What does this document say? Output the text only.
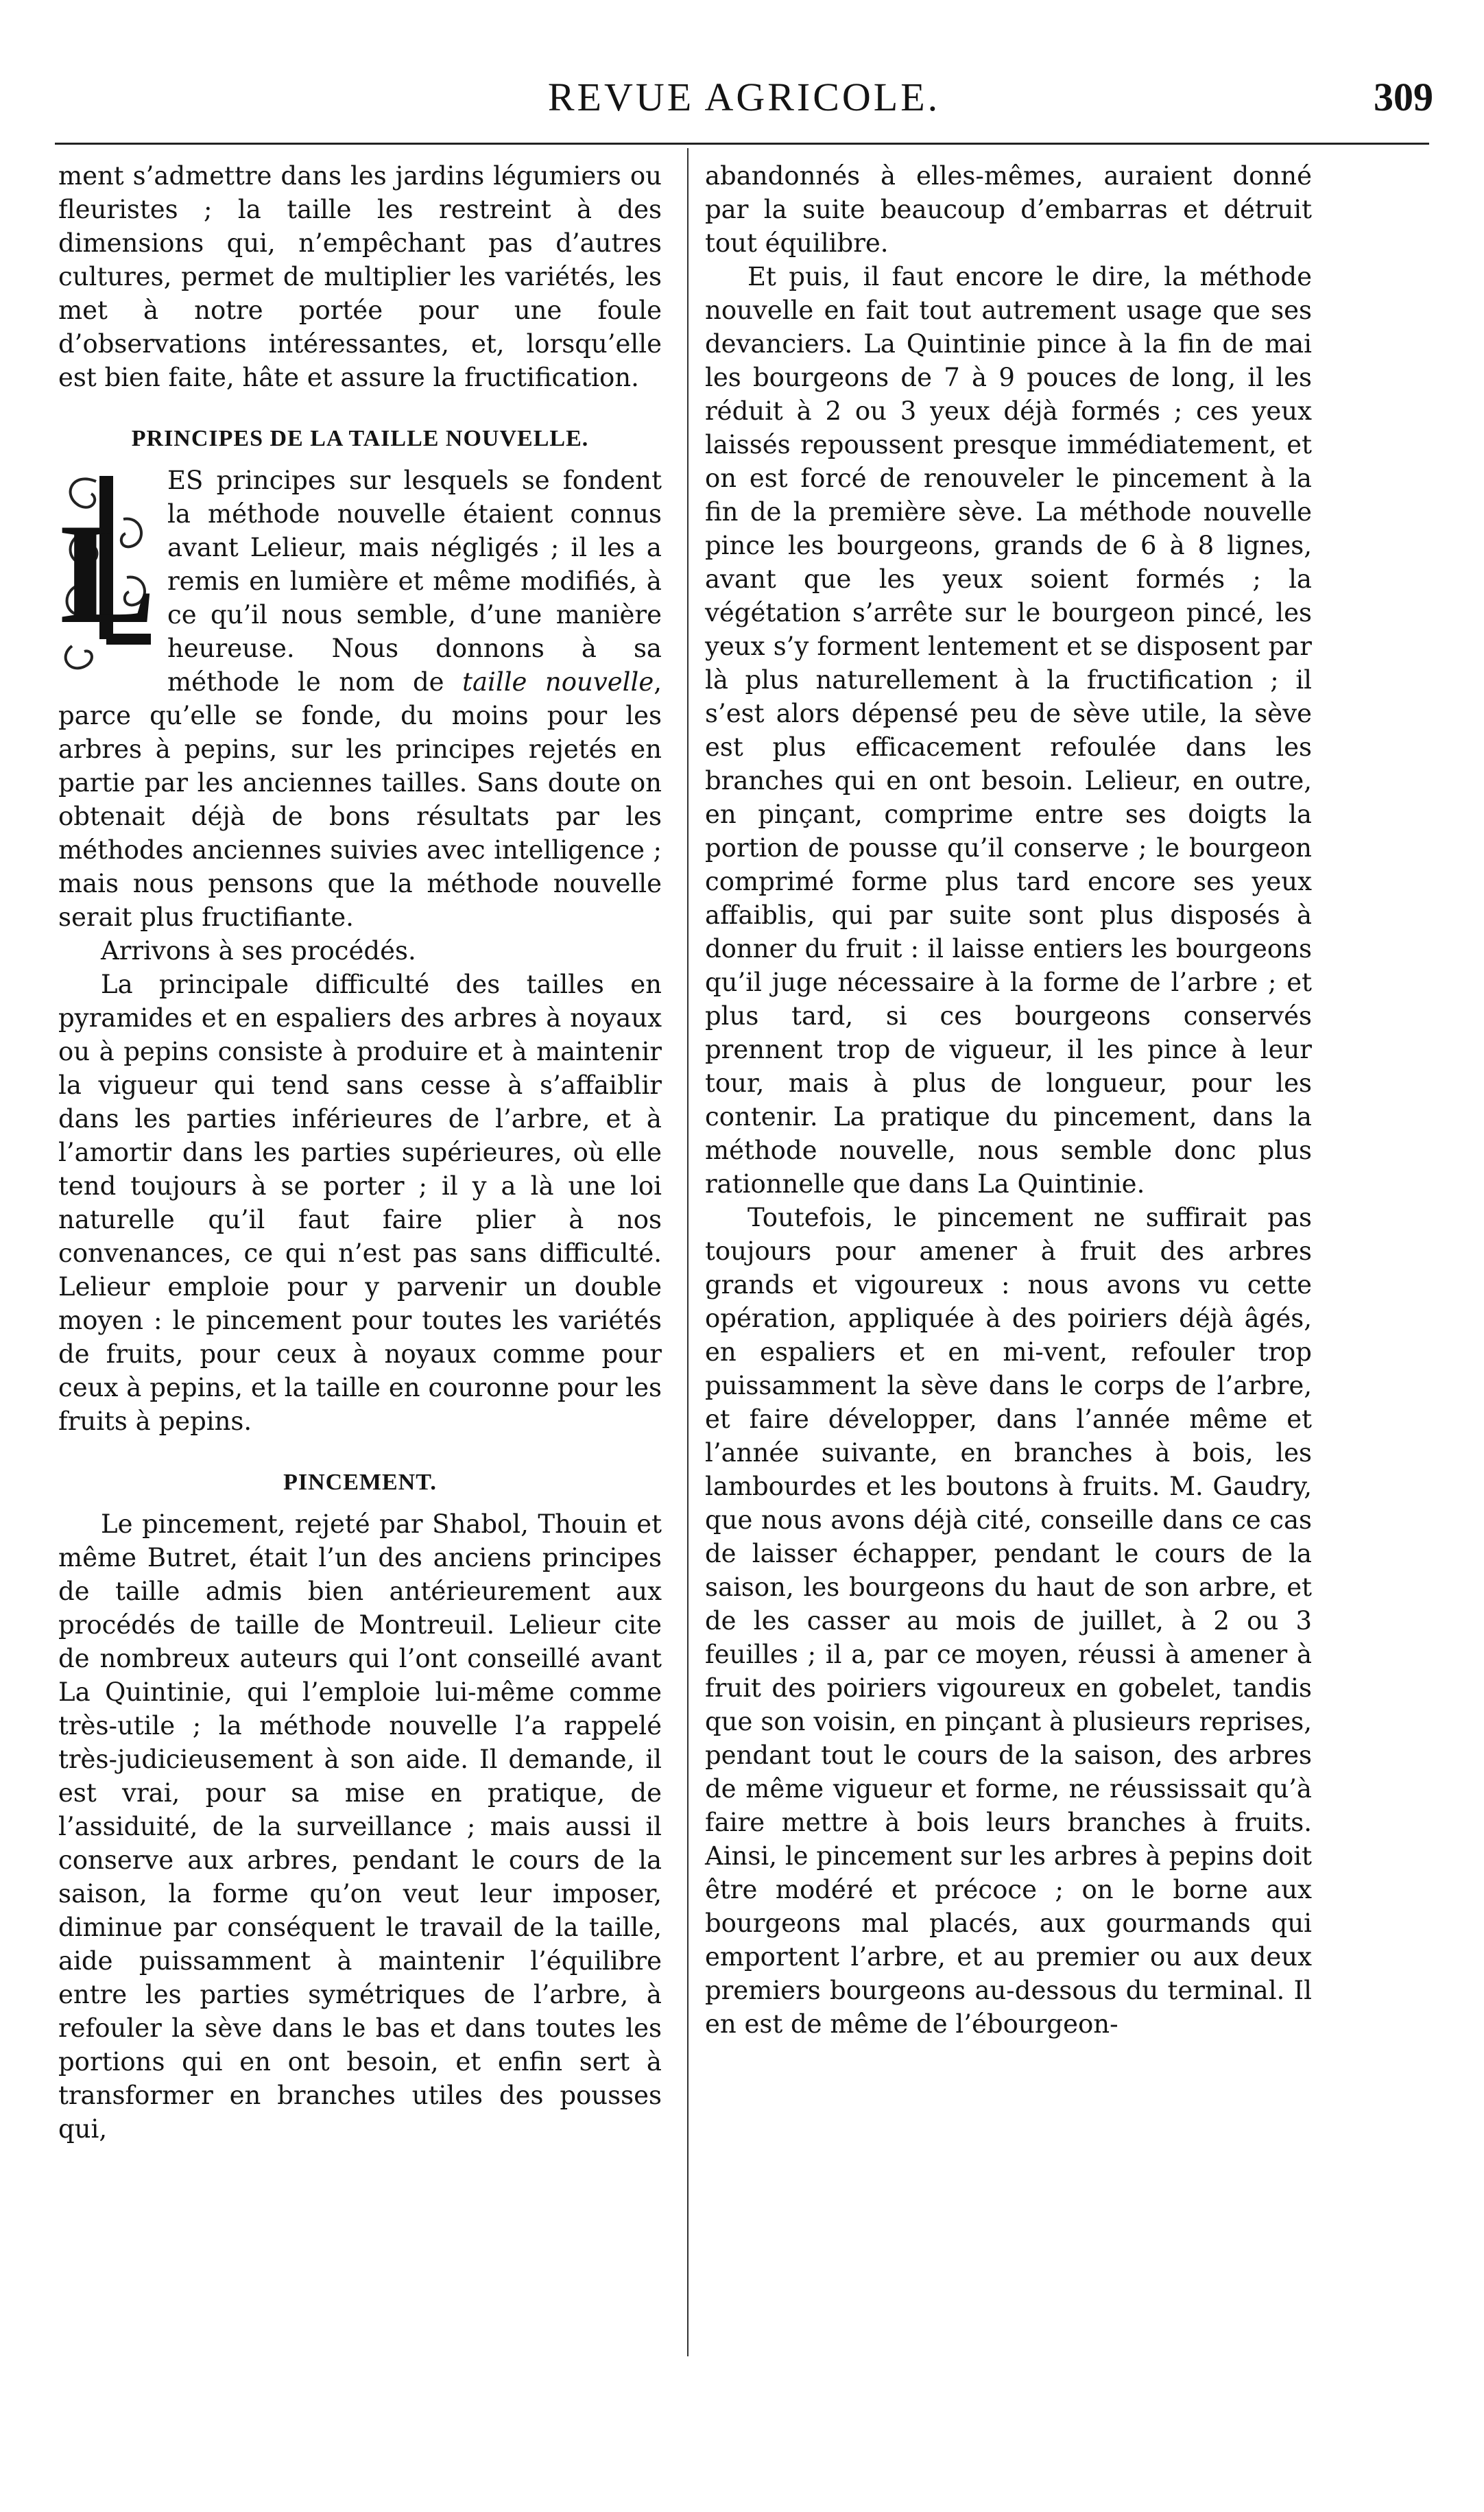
REVUE AGRICOLE.	309

ment s’admettre dans les jardins légumiers ou fleuristes ; la taille les restreint à des dimensions qui, n’empêchant pas d’autres cultures, permet de multiplier les variétés, les met à notre portée pour une foule d’observations intéressantes, et, lorsqu’elle est bien faite, hâte et assure la fructification.

PRINCIPES DE LA TAILLE NOUVELLE.

L
ES principes sur lesquels se fondent la méthode nouvelle étaient connus avant Lelieur, mais négligés ; il les a remis en lumière et même modifiés, à ce qu’il nous semble, d’une manière heureuse. Nous donnons à sa méthode le nom de taille nouvelle, parce qu’elle se fonde, du moins pour les arbres à pepins, sur les principes rejetés en partie par les anciennes tailles. Sans doute on obtenait déjà de bons résultats par les méthodes anciennes suivies avec intelligence ; mais nous pensons que la méthode nouvelle serait plus fructifiante.

Arrivons à ses procédés.

La principale difficulté des tailles en pyramides et en espaliers des arbres à noyaux ou à pepins consiste à produire et à maintenir la vigueur qui tend sans cesse à s’affaiblir dans les parties inférieures de l’arbre, et à l’amortir dans les parties supérieures, où elle tend toujours à se porter ; il y a là une loi naturelle qu’il faut faire plier à nos convenances, ce qui n’est pas sans difficulté. Lelieur emploie pour y parvenir un double moyen : le pincement pour toutes les variétés de fruits, pour ceux à noyaux comme pour ceux à pepins, et la taille en couronne pour les fruits à pepins.

PINCEMENT.

Le pincement, rejeté par Shabol, Thouin et même Butret, était l’un des anciens principes de taille admis bien antérieurement aux procédés de taille de Montreuil. Lelieur cite de nombreux auteurs qui l’ont conseillé avant La Quintinie, qui l’emploie lui-même comme très-utile ; la méthode nouvelle l’a rappelé très-judicieusement à son aide. Il demande, il est vrai, pour sa mise en pratique, de l’assiduité, de la surveillance ; mais aussi il conserve aux arbres, pendant le cours de la saison, la forme qu’on veut leur imposer, diminue par conséquent le travail de la taille, aide puissamment à maintenir l’équilibre entre les parties symétriques de l’arbre, à refouler la sève dans le bas et dans toutes les portions qui en ont besoin, et enfin sert à transformer en branches utiles des pousses qui,

abandonnés à elles-mêmes, auraient donné par la suite beaucoup d’embarras et détruit tout équilibre.

Et puis, il faut encore le dire, la méthode nouvelle en fait tout autrement usage que ses devanciers. La Quintinie pince à la fin de mai les bourgeons de 7 à 9 pouces de long, il les réduit à 2 ou 3 yeux déjà formés ; ces yeux laissés repoussent presque immédiatement, et on est forcé de renouveler le pincement à la fin de la première sève. La méthode nouvelle pince les bourgeons, grands de 6 à 8 lignes, avant que les yeux soient formés ; la végétation s’arrête sur le bourgeon pincé, les yeux s’y forment lentement et se disposent par là plus naturellement à la fructification ; il s’est alors dépensé peu de sève utile, la sève est plus efficacement refoulée dans les branches qui en ont besoin. Lelieur, en outre, en pinçant, comprime entre ses doigts la portion de pousse qu’il conserve ; le bourgeon comprimé forme plus tard encore ses yeux affaiblis, qui par suite sont plus disposés à donner du fruit : il laisse entiers les bourgeons qu’il juge nécessaire à la forme de l’arbre ; et plus tard, si ces bourgeons conservés prennent trop de vigueur, il les pince à leur tour, mais à plus de longueur, pour les contenir. La pratique du pincement, dans la méthode nouvelle, nous semble donc plus rationnelle que dans La Quintinie.

Toutefois, le pincement ne suffirait pas toujours pour amener à fruit des arbres grands et vigoureux : nous avons vu cette opération, appliquée à des poiriers déjà âgés, en espaliers et en mi-vent, refouler trop puissamment la sève dans le corps de l’arbre, et faire développer, dans l’année même et l’année suivante, en branches à bois, les lambourdes et les boutons à fruits. M. Gaudry, que nous avons déjà cité, conseille dans ce cas de laisser échapper, pendant le cours de la saison, les bourgeons du haut de son arbre, et de les casser au mois de juillet, à 2 ou 3 feuilles ; il a, par ce moyen, réussi à amener à fruit des poiriers vigoureux en gobelet, tandis que son voisin, en pinçant à plusieurs reprises, pendant tout le cours de la saison, des arbres de même vigueur et forme, ne réussissait qu’à faire mettre à bois leurs branches à fruits. Ainsi, le pincement sur les arbres à pepins doit être modéré et précoce ; on le borne aux bourgeons mal placés, aux gourmands qui emportent l’arbre, et au premier ou aux deux premiers bourgeons au-dessous du terminal. Il en est de même de l’ébourgeon-
